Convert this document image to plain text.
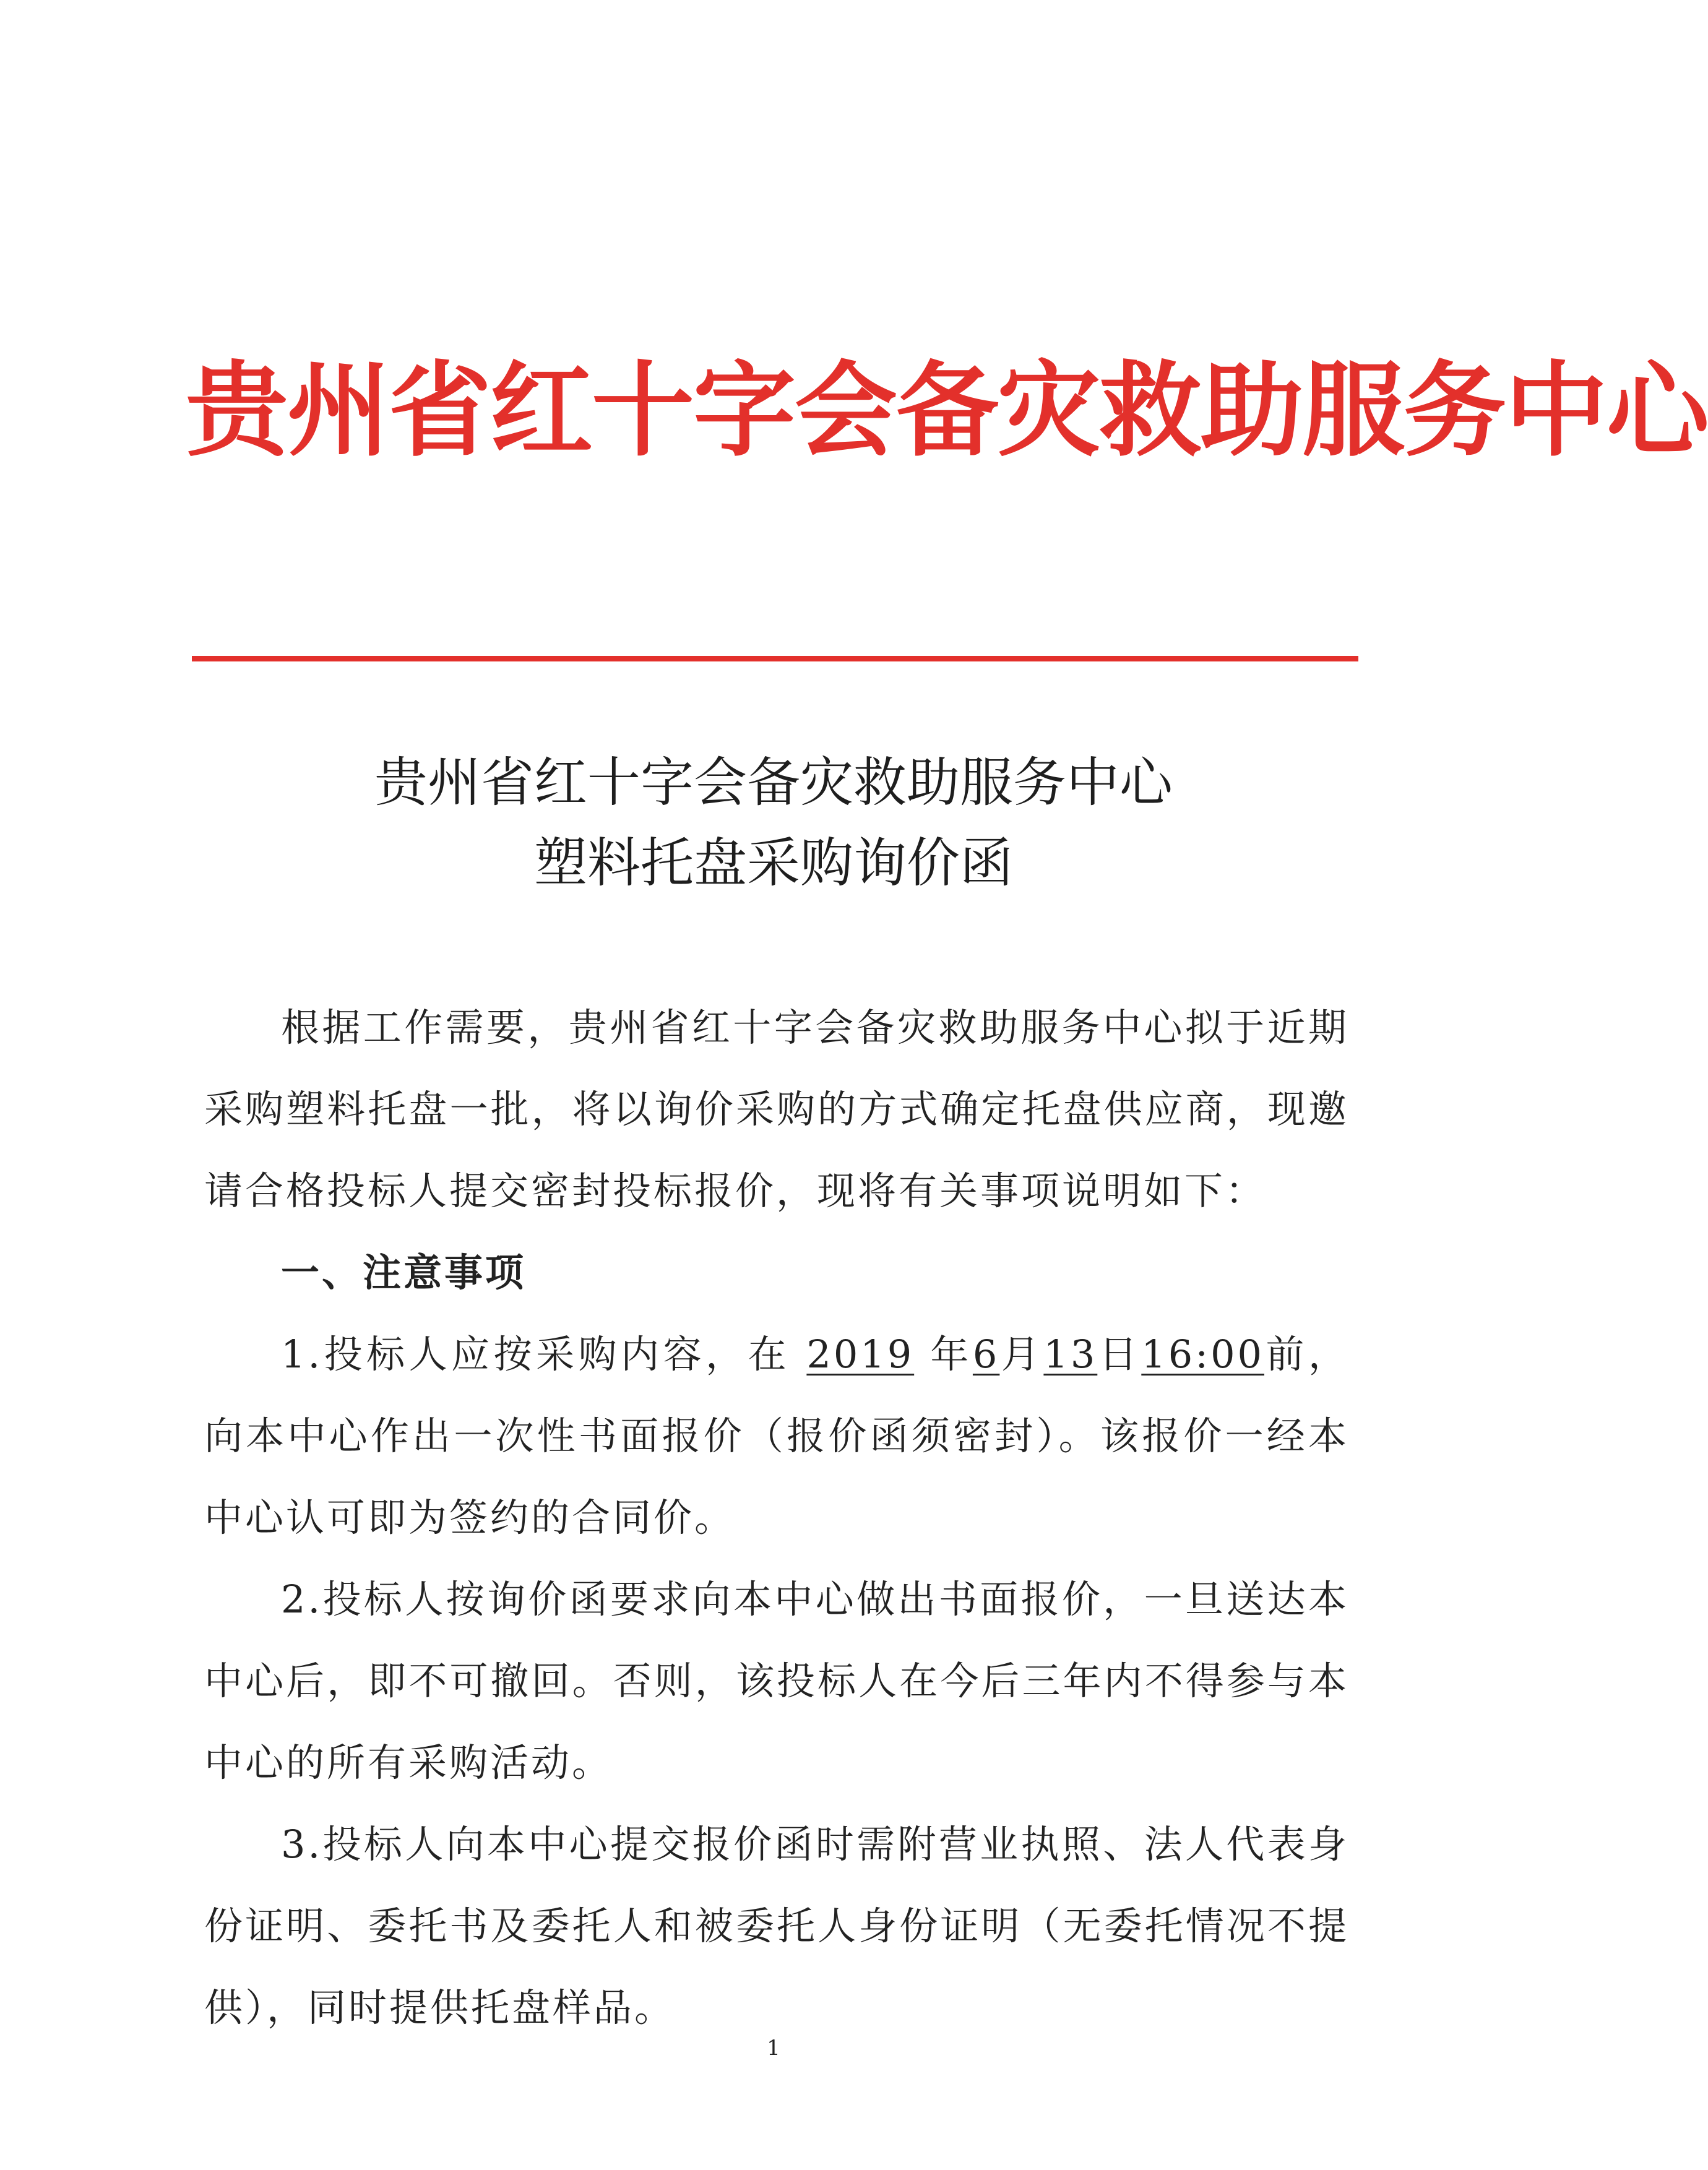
贵州省红十字会备灾救助服务中心
贵州省红十字会备灾救助服务中心
塑料托盘采购询价函

根据工作需要，贵州省红十字会备灾救助服务中心拟于近期采购塑料托盘一批，将以询价采购的方式确定托盘供应商，现邀请合格投标人提交密封投标报价，现将有关事项说明如下：

一、注意事项

1.投标人应按采购内容，在 2019 年6月13日16:00前，向本中心作出一次性书面报价（报价函须密封）。该报价一经本中心认可即为签约的合同价。

2.投标人按询价函要求向本中心做出书面报价，一旦送达本中心后，即不可撤回。否则，该投标人在今后三年内不得参与本中心的所有采购活动。

3.投标人向本中心提交报价函时需附营业执照、法人代表身份证明、委托书及委托人和被委托人身份证明（无委托情况不提供），同时提供托盘样品。

1
